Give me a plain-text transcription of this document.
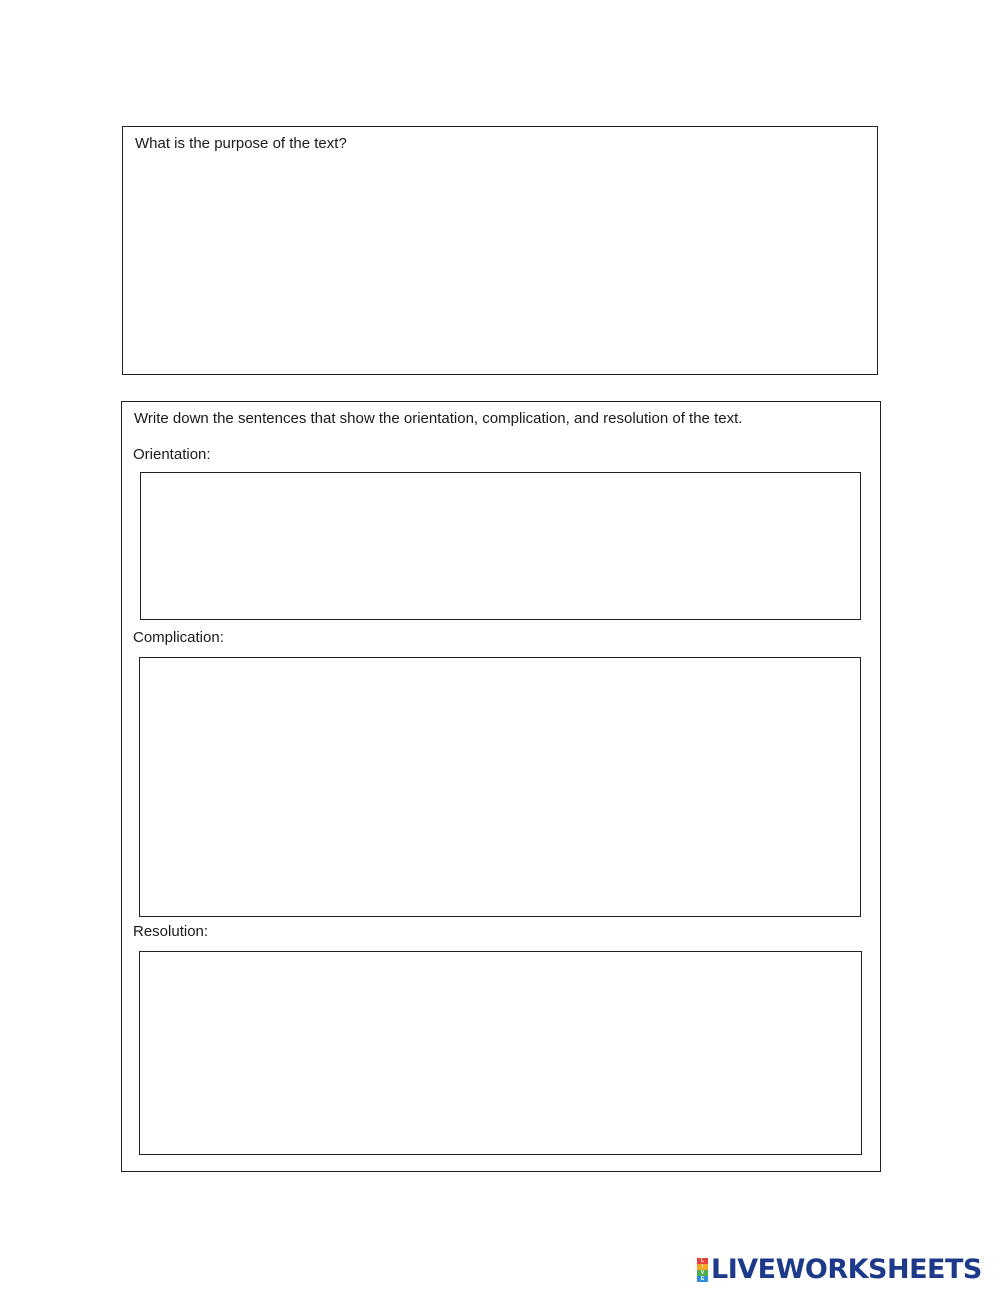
What is the purpose of the text?
Write down the sentences that show the orientation, complication, and resolution of the text.
Orientation:
Complication:
Resolution:
L
I
V
E LIVEWORKSHEETS
